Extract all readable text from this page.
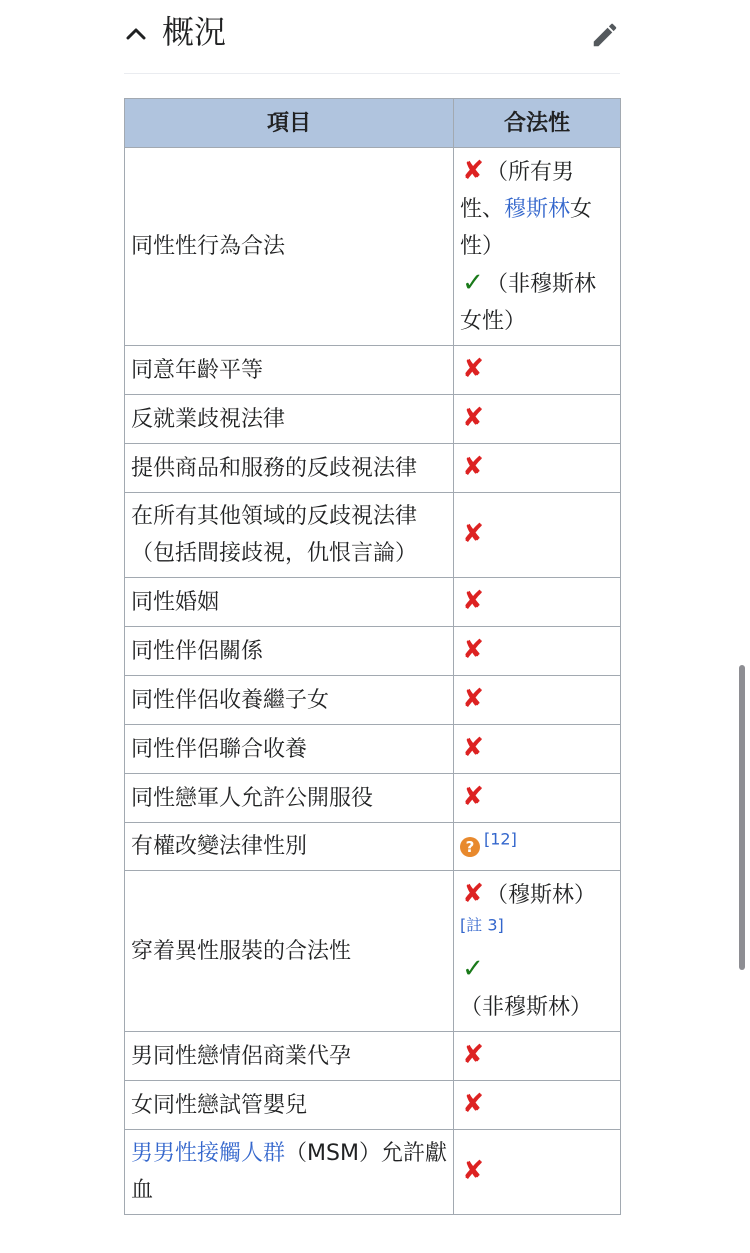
概況
項目	合法性
同性性行為合法	✘（所有男性、穆斯林女性）
✓（非穆斯林女性）
同意年齡平等	✘
反就業歧視法律	✘
提供商品和服務的反歧視法律	✘
在所有其他領域的反歧視法律（包括間接歧視，仇恨言論）	✘
同性婚姻	✘
同性伴侶關係	✘
同性伴侶收養繼子女	✘
同性伴侶聯合收養	✘
同性戀軍人允許公開服役	✘
有權改變法律性別	? [12]
穿着異性服裝的合法性	✘（穆斯林）[註 3]
✓（非穆斯林）
男同性戀情侶商業代孕	✘
女同性戀試管嬰兒	✘
男男性接觸人群（MSM）允許獻血	✘
